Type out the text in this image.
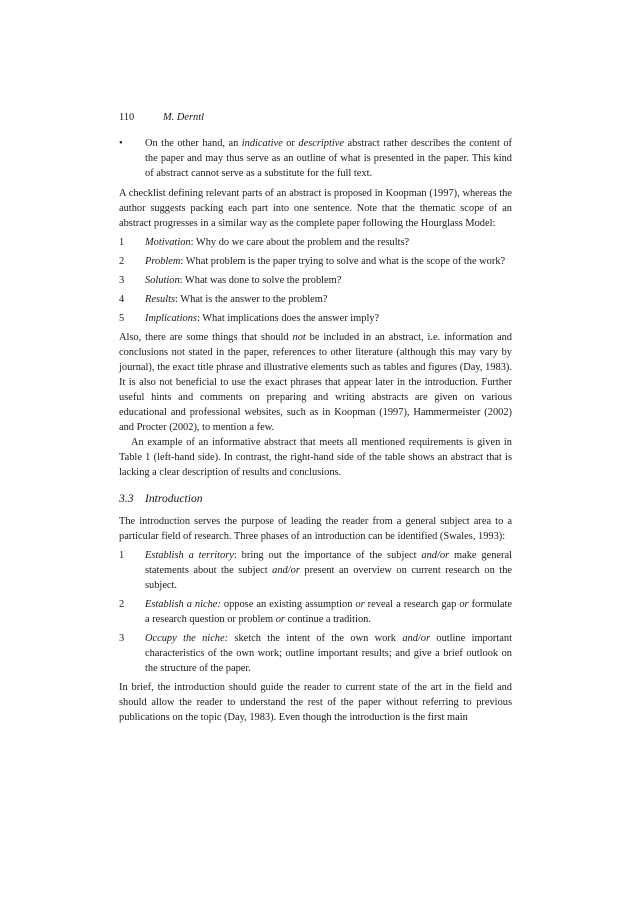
110	M. Derntl
•	On the other hand, an indicative or descriptive abstract rather describes the content of the paper and may thus serve as an outline of what is presented in the paper. This kind of abstract cannot serve as a substitute for the full text.

A checklist defining relevant parts of an abstract is proposed in Koopman (1997), whereas the author suggests packing each part into one sentence. Note that the thematic scope of an abstract progresses in a similar way as the complete paper following the Hourglass Model:

1	Motivation: Why do we care about the problem and the results?
2	Problem: What problem is the paper trying to solve and what is the scope of the work?
3	Solution: What was done to solve the problem?
4	Results: What is the answer to the problem?
5	Implications: What implications does the answer imply?

Also, there are some things that should not be included in an abstract, i.e. information and conclusions not stated in the paper, references to other literature (although this may vary by journal), the exact title phrase and illustrative elements such as tables and figures (Day, 1983). It is also not beneficial to use the exact phrases that appear later in the introduction. Further useful hints and comments on preparing and writing abstracts are given on various educational and professional websites, such as in Koopman (1997), Hammermeister (2002) and Procter (2002), to mention a few.

An example of an informative abstract that meets all mentioned requirements is given in Table 1 (left-hand side). In contrast, the right-hand side of the table shows an abstract that is lacking a clear description of results and conclusions.

3.3 Introduction

The introduction serves the purpose of leading the reader from a general subject area to a particular field of research. Three phases of an introduction can be identified (Swales, 1993):

1	Establish a territory: bring out the importance of the subject and/or make general statements about the subject and/or present an overview on current research on the subject.
2	Establish a niche: oppose an existing assumption or reveal a research gap or formulate a research question or problem or continue a tradition.
3	Occupy the niche: sketch the intent of the own work and/or outline important characteristics of the own work; outline important results; and give a brief outlook on the structure of the paper.

In brief, the introduction should guide the reader to current state of the art in the field and should allow the reader to understand the rest of the paper without referring to previous publications on the topic (Day, 1983). Even though the introduction is the first main
